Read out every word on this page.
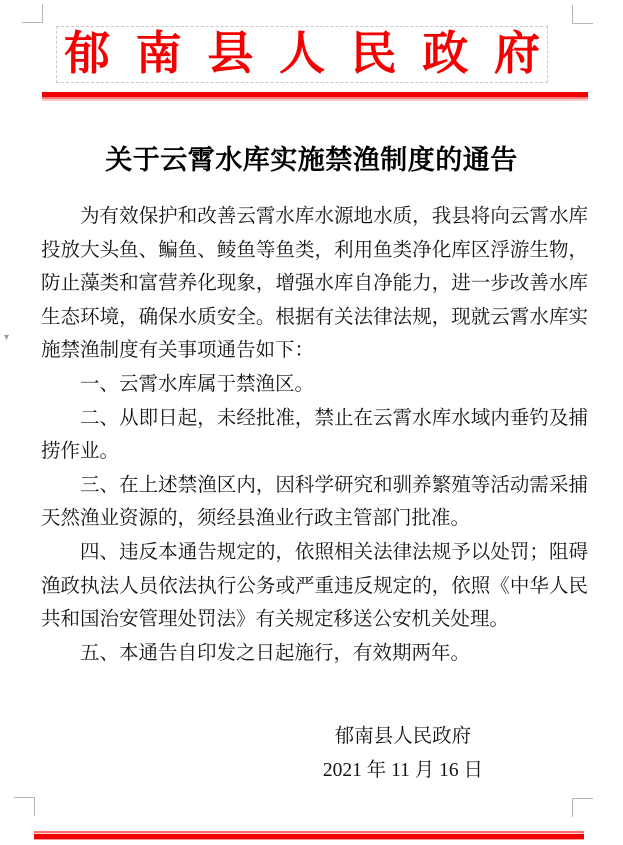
▾
郁 南 县 人 民 政 府
关于云霄水库实施禁渔制度的通告

为有效保护和改善云霄水库水源地水质，我县将向云霄水库投放大头鱼、鳊鱼、鲮鱼等鱼类，利用鱼类净化库区浮游生物，防止藻类和富营养化现象，增强水库自净能力，进一步改善水库生态环境，确保水质安全。根据有关法律法规，现就云霄水库实施禁渔制度有关事项通告如下：

一、云霄水库属于禁渔区。

二、从即日起，未经批准，禁止在云霄水库水域内垂钓及捕捞作业。

三、在上述禁渔区内，因科学研究和驯养繁殖等活动需采捕天然渔业资源的，须经县渔业行政主管部门批准。

四、违反本通告规定的，依照相关法律法规予以处罚；阻碍渔政执法人员依法执行公务或严重违反规定的，依照《中华人民共和国治安管理处罚法》有关规定移送公安机关处理。

五、本通告自印发之日起施行，有效期两年。

郁南县人民政府
2021 年 11 月 16 日
